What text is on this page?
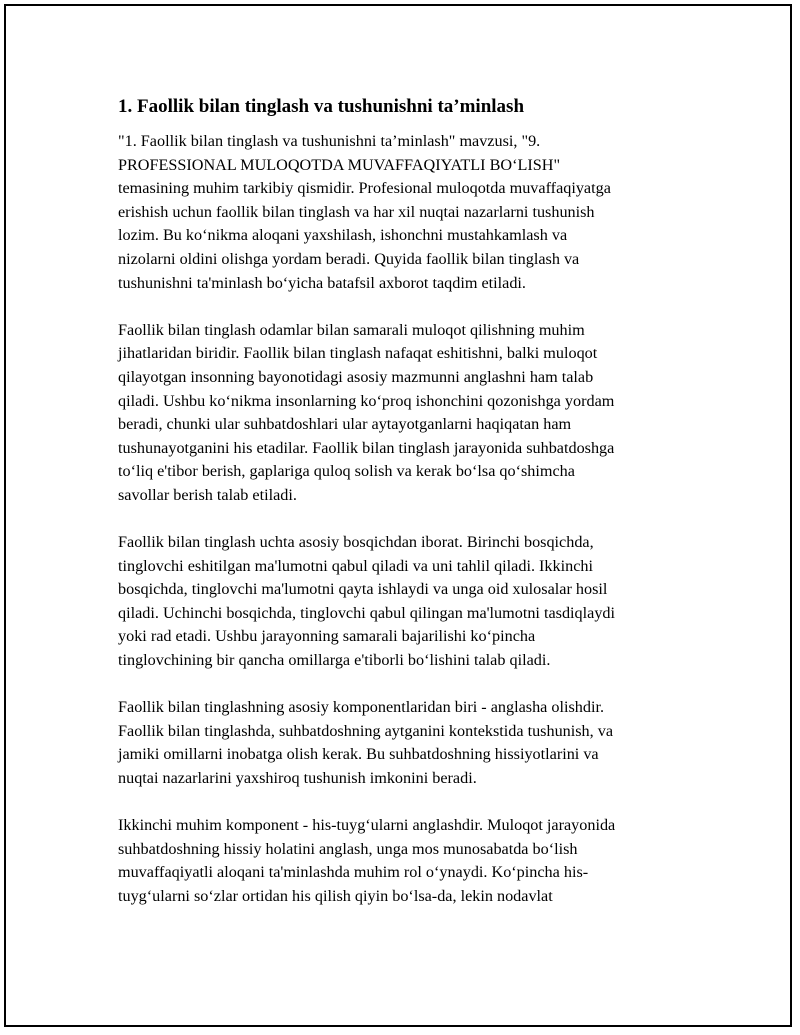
1. Faollik bilan tinglash va tushunishni ta’minlash

"1. Faollik bilan tinglash va tushunishni ta’minlash" mavzusi, "9.
PROFESSIONAL MULOQOTDA MUVAFFAQIYATLI BO‘LISH"
temasining muhim tarkibiy qismidir. Profesional muloqotda muvaffaqiyatga
erishish uchun faollik bilan tinglash va har xil nuqtai nazarlarni tushunish
lozim. Bu ko‘nikma aloqani yaxshilash, ishonchni mustahkamlash va
nizolarni oldini olishga yordam beradi. Quyida faollik bilan tinglash va
tushunishni ta'minlash bo‘yicha batafsil axborot taqdim etiladi.

Faollik bilan tinglash odamlar bilan samarali muloqot qilishning muhim
jihatlaridan biridir. Faollik bilan tinglash nafaqat eshitishni, balki muloqot
qilayotgan insonning bayonotidagi asosiy mazmunni anglashni ham talab
qiladi. Ushbu ko‘nikma insonlarning ko‘proq ishonchini qozonishga yordam
beradi, chunki ular suhbatdoshlari ular aytayotganlarni haqiqatan ham
tushunayotganini his etadilar. Faollik bilan tinglash jarayonida suhbatdoshga
to‘liq e'tibor berish, gaplariga quloq solish va kerak bo‘lsa qo‘shimcha
savollar berish talab etiladi.

Faollik bilan tinglash uchta asosiy bosqichdan iborat. Birinchi bosqichda,
tinglovchi eshitilgan ma'lumotni qabul qiladi va uni tahlil qiladi. Ikkinchi
bosqichda, tinglovchi ma'lumotni qayta ishlaydi va unga oid xulosalar hosil
qiladi. Uchinchi bosqichda, tinglovchi qabul qilingan ma'lumotni tasdiqlaydi
yoki rad etadi. Ushbu jarayonning samarali bajarilishi ko‘pincha
tinglovchining bir qancha omillarga e'tiborli bo‘lishini talab qiladi.

Faollik bilan tinglashning asosiy komponentlaridan biri - anglasha olishdir.
Faollik bilan tinglashda, suhbatdoshning aytganini kontekstida tushunish, va
jamiki omillarni inobatga olish kerak. Bu suhbatdoshning hissiyotlarini va
nuqtai nazarlarini yaxshiroq tushunish imkonini beradi.

Ikkinchi muhim komponent - his-tuyg‘ularni anglashdir. Muloqot jarayonida
suhbatdoshning hissiy holatini anglash, unga mos munosabatda bo‘lish
muvaffaqiyatli aloqani ta'minlashda muhim rol o‘ynaydi. Ko‘pincha his-
tuyg‘ularni so‘zlar ortidan his qilish qiyin bo‘lsa-da, lekin nodavlat
